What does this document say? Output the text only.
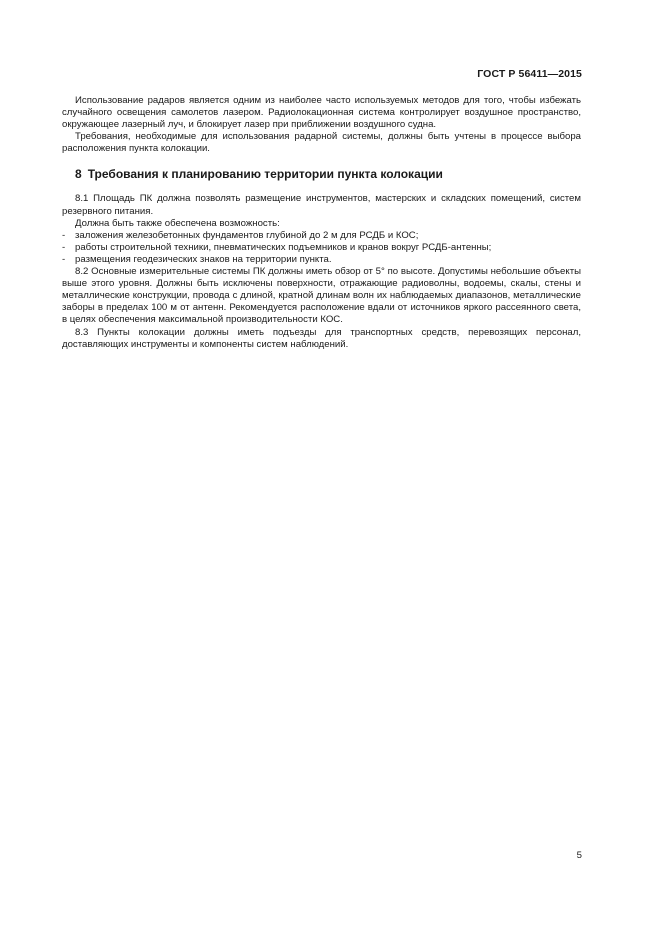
ГОСТ Р 56411—2015

Использование радаров является одним из наиболее часто используемых методов для того, чтобы избежать случайного освещения самолетов лазером. Радиолокационная система контролирует воздушное пространство, окружающее лазерный луч, и блокирует лазер при приближении воздушного судна.

Требования, необходимые для использования радарной системы, должны быть учтены в процессе выбора расположения пункта колокации.

8 Требования к планированию территории пункта колокации

8.1 Площадь ПК должна позволять размещение инструментов, мастерских и складских помещений, систем резервного питания.

Должна быть также обеспечена возможность:

-	заложения железобетонных фундаментов глубиной до 2 м для РСДБ и КОС;
-	работы строительной техники, пневматических подъемников и кранов вокруг РСДБ-антенны;
-	размещения геодезических знаков на территории пункта.

8.2 Основные измерительные системы ПК должны иметь обзор от 5° по высоте. Допустимы небольшие объекты выше этого уровня. Должны быть исключены поверхности, отражающие радиоволны, водоемы, скалы, стены и металлические конструкции, провода с длиной, кратной длинам волн их наблюдаемых диапазонов, металлические заборы в пределах 100 м от антенн. Рекомендуется расположение вдали от источников яркого рассеянного света, в целях обеспечения максимальной производительности КОС.

8.3 Пункты колокации должны иметь подъезды для транспортных средств, перевозящих персонал, доставляющих инструменты и компоненты систем наблюдений.

5
